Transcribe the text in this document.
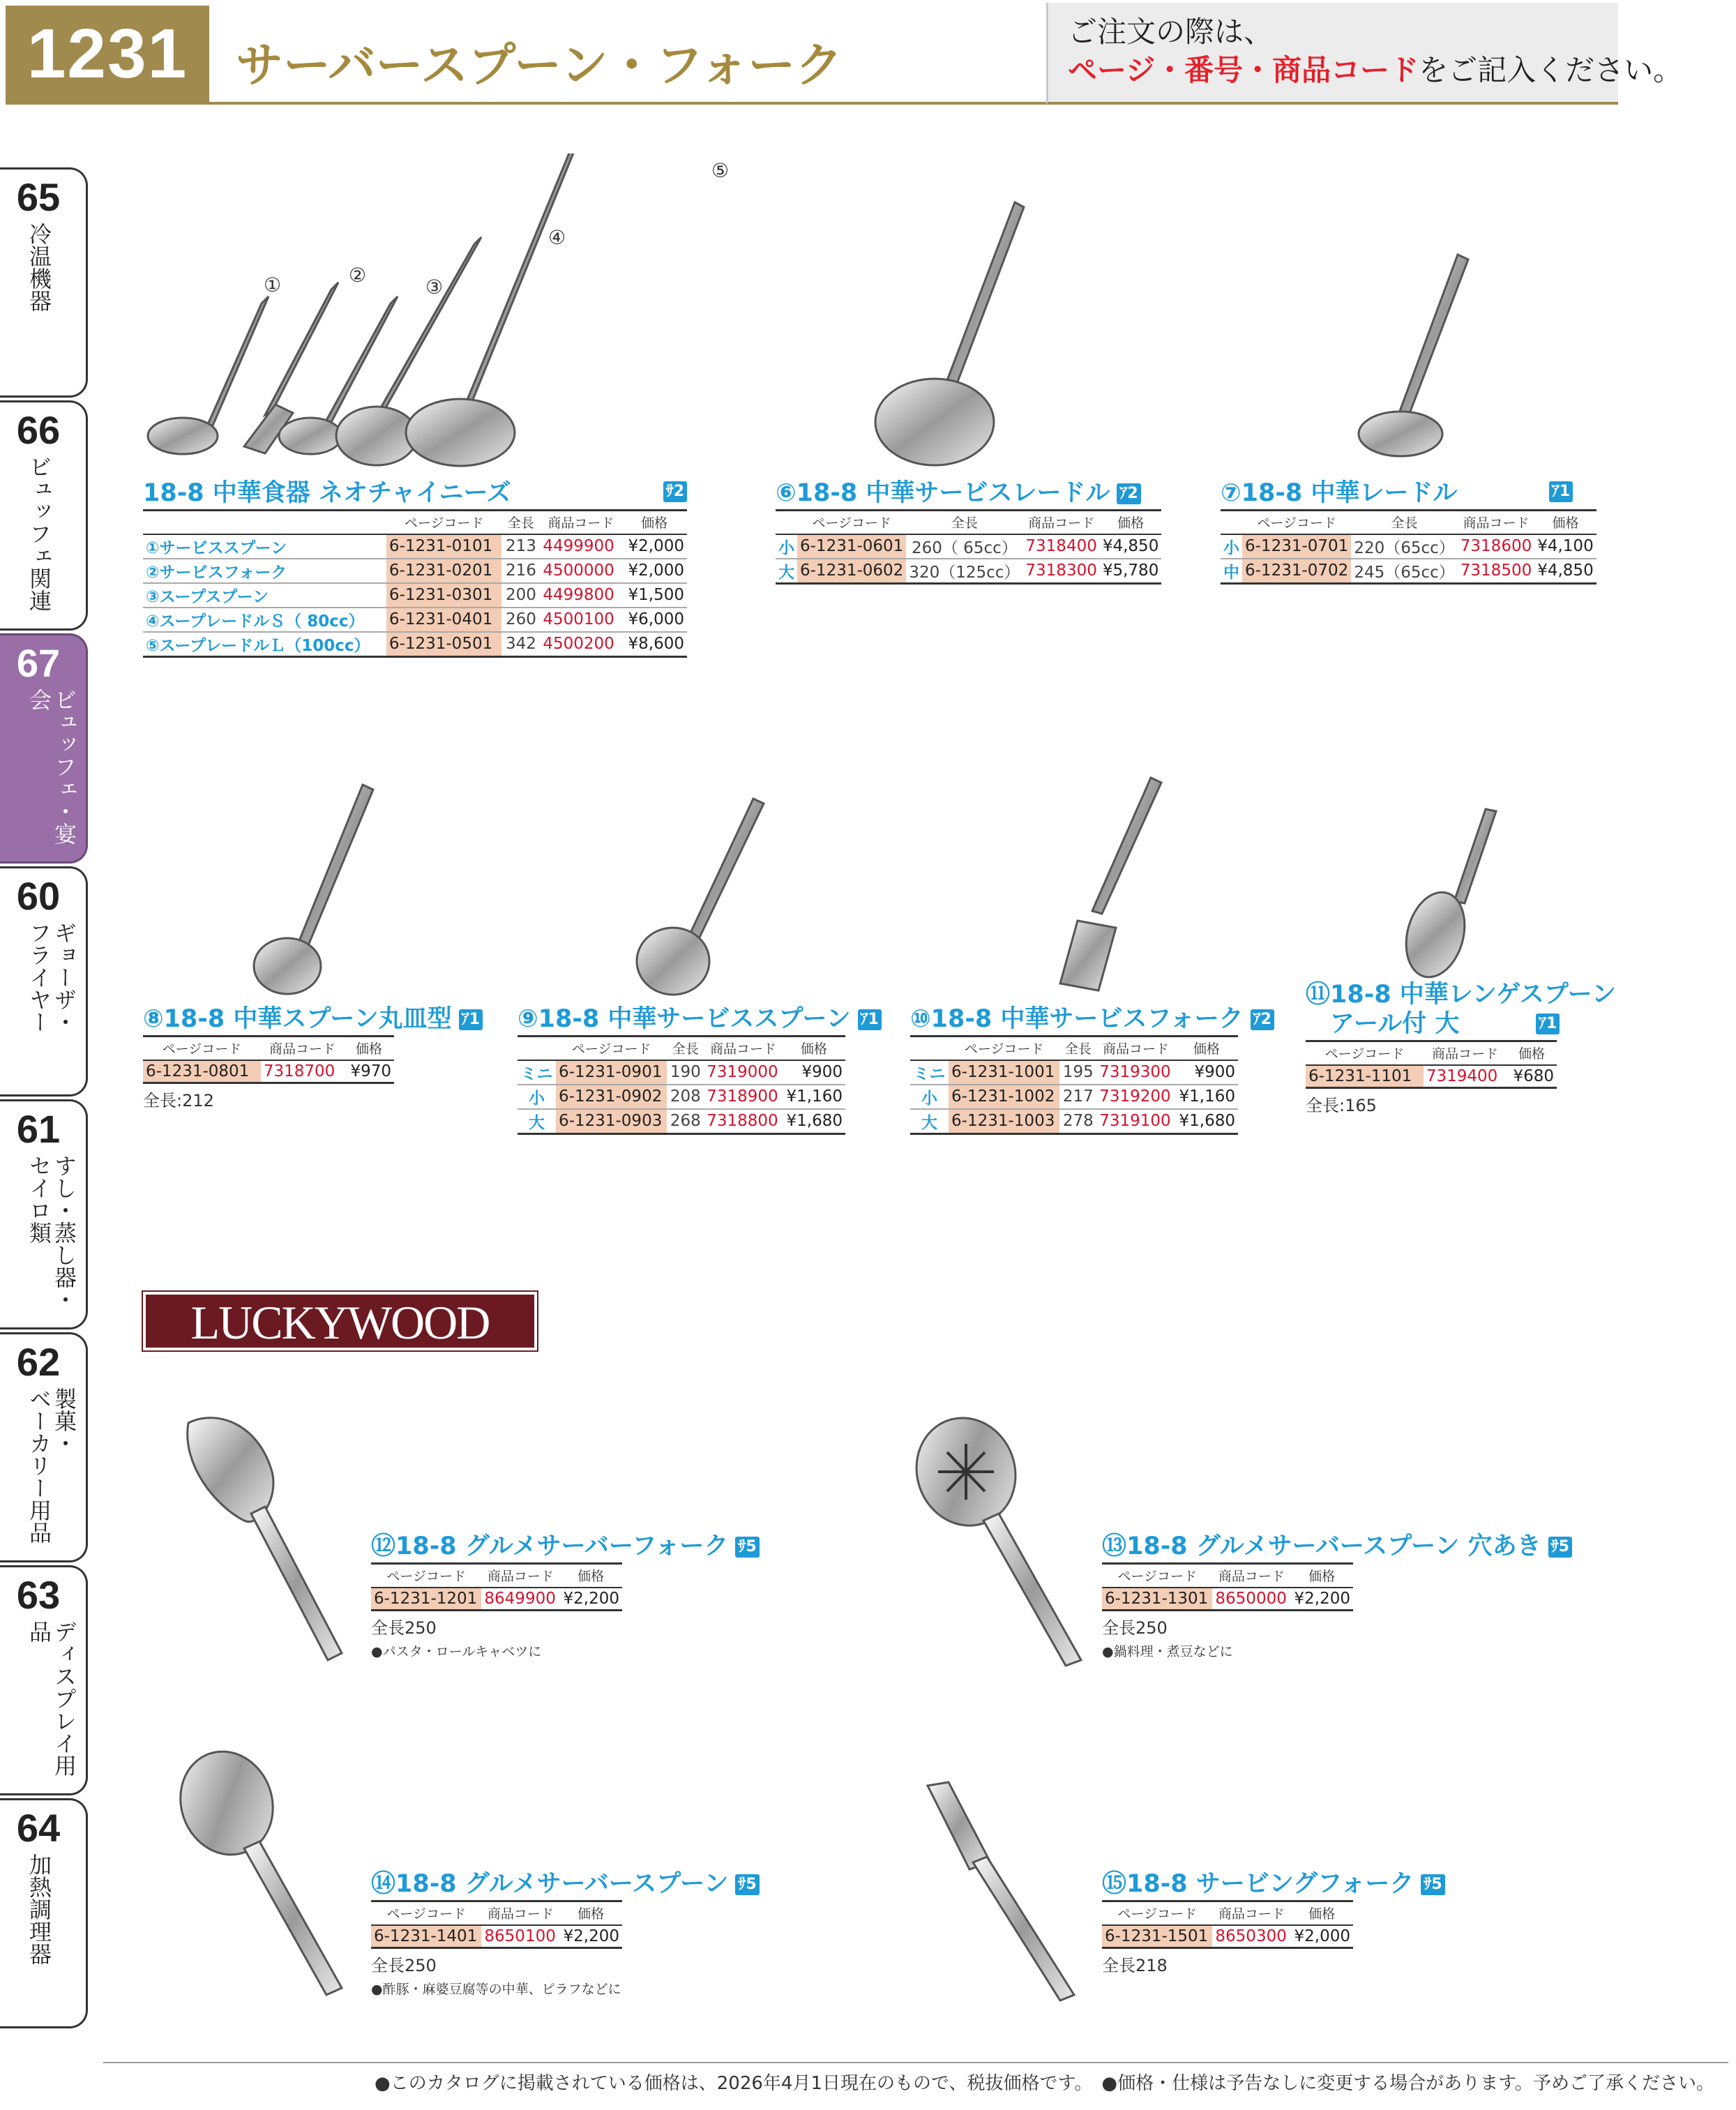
1231	サーバースプーン・フォーク
ご注文の際は、
ページ・番号・商品コードをご記入ください。
65
冷温機器
66
ビュッフェ関連
67
ビュッフェ・宴会
60
ギョーザ・
フライヤー
61
すし・蒸し器・
セイロ類
62
製菓・
ベーカリー用品
63
ディスプレイ用品
64
加熱調理器
①	②
③
④
⑤
18-8 中華食器 ネオチャイニーズ	ｻ2
	ページコード	全長	商品コード	価格
①サービススプーン	6-1231-0101	213	4499900	¥2,000
②サービスフォーク	6-1231-0201	216	4500000	¥2,000
③スープスプーン	6-1231-0301	200	4499800	¥1,500
④スープレードルＳ（ 80cc）	6-1231-0401	260	4500100	¥6,000
⑤スープレードルＬ（100cc）	6-1231-0501	342	4500200	¥8,600
⑥18-8 中華サービスレードル ｱ2
	ページコード	全長	商品コード	価格
小	6-1231-0601	260（ 65cc）	7318400	¥4,850
大	6-1231-0602	320（125cc）	7318300	¥5,780
⑦18-8 中華レードル	ｱ1
	ページコード	全長	商品コード	価格
小	6-1231-0701	220（65cc）	7318600	¥4,100
中	6-1231-0702	245（65cc）	7318500	¥4,850
⑧18-8 中華スプーン丸皿型 ｱ1
ページコード	商品コード	価格
6-1231-0801	7318700	¥970
全長:212
⑨18-8 中華サービススプーン ｱ1
	ページコード	全長	商品コード	価格
ミニ	6-1231-0901	190	7319000	¥900
小	6-1231-0902	208	7318900	¥1,160
大	6-1231-0903	268	7318800	¥1,680
⑩18-8 中華サービスフォーク ｱ2
	ページコード	全長	商品コード	価格
ミニ	6-1231-1001	195	7319300	¥900
小	6-1231-1002	217	7319200	¥1,160
大	6-1231-1003	278	7319100	¥1,680
⑪18-8 中華レンゲスプーン
　アール付 大	ｱ1
ページコード	商品コード	価格
6-1231-1101	7319400	¥680
全長:165
LUCKYWOOD
⑫18-8 グルメサーバーフォーク ｻ5
ページコード	商品コード	価格
6-1231-1201	8649900	¥2,200
全長250
●パスタ・ロールキャベツに
⑬18-8 グルメサーバースプーン 穴あき ｻ5
ページコード	商品コード	価格
6-1231-1301	8650000	¥2,200
全長250
●鍋料理・煮豆などに
⑭18-8 グルメサーバースプーン ｻ5
ページコード	商品コード	価格
6-1231-1401	8650100	¥2,200
全長250
●酢豚・麻婆豆腐等の中華、ピラフなどに
⑮18-8 サービングフォーク ｻ5
ページコード	商品コード	価格
6-1231-1501	8650300	¥2,000
全長218
●このカタログに掲載されている価格は、2026年4月1日現在のもので、税抜価格です。　●価格・仕様は予告なしに変更する場合があります。予めご了承ください。
